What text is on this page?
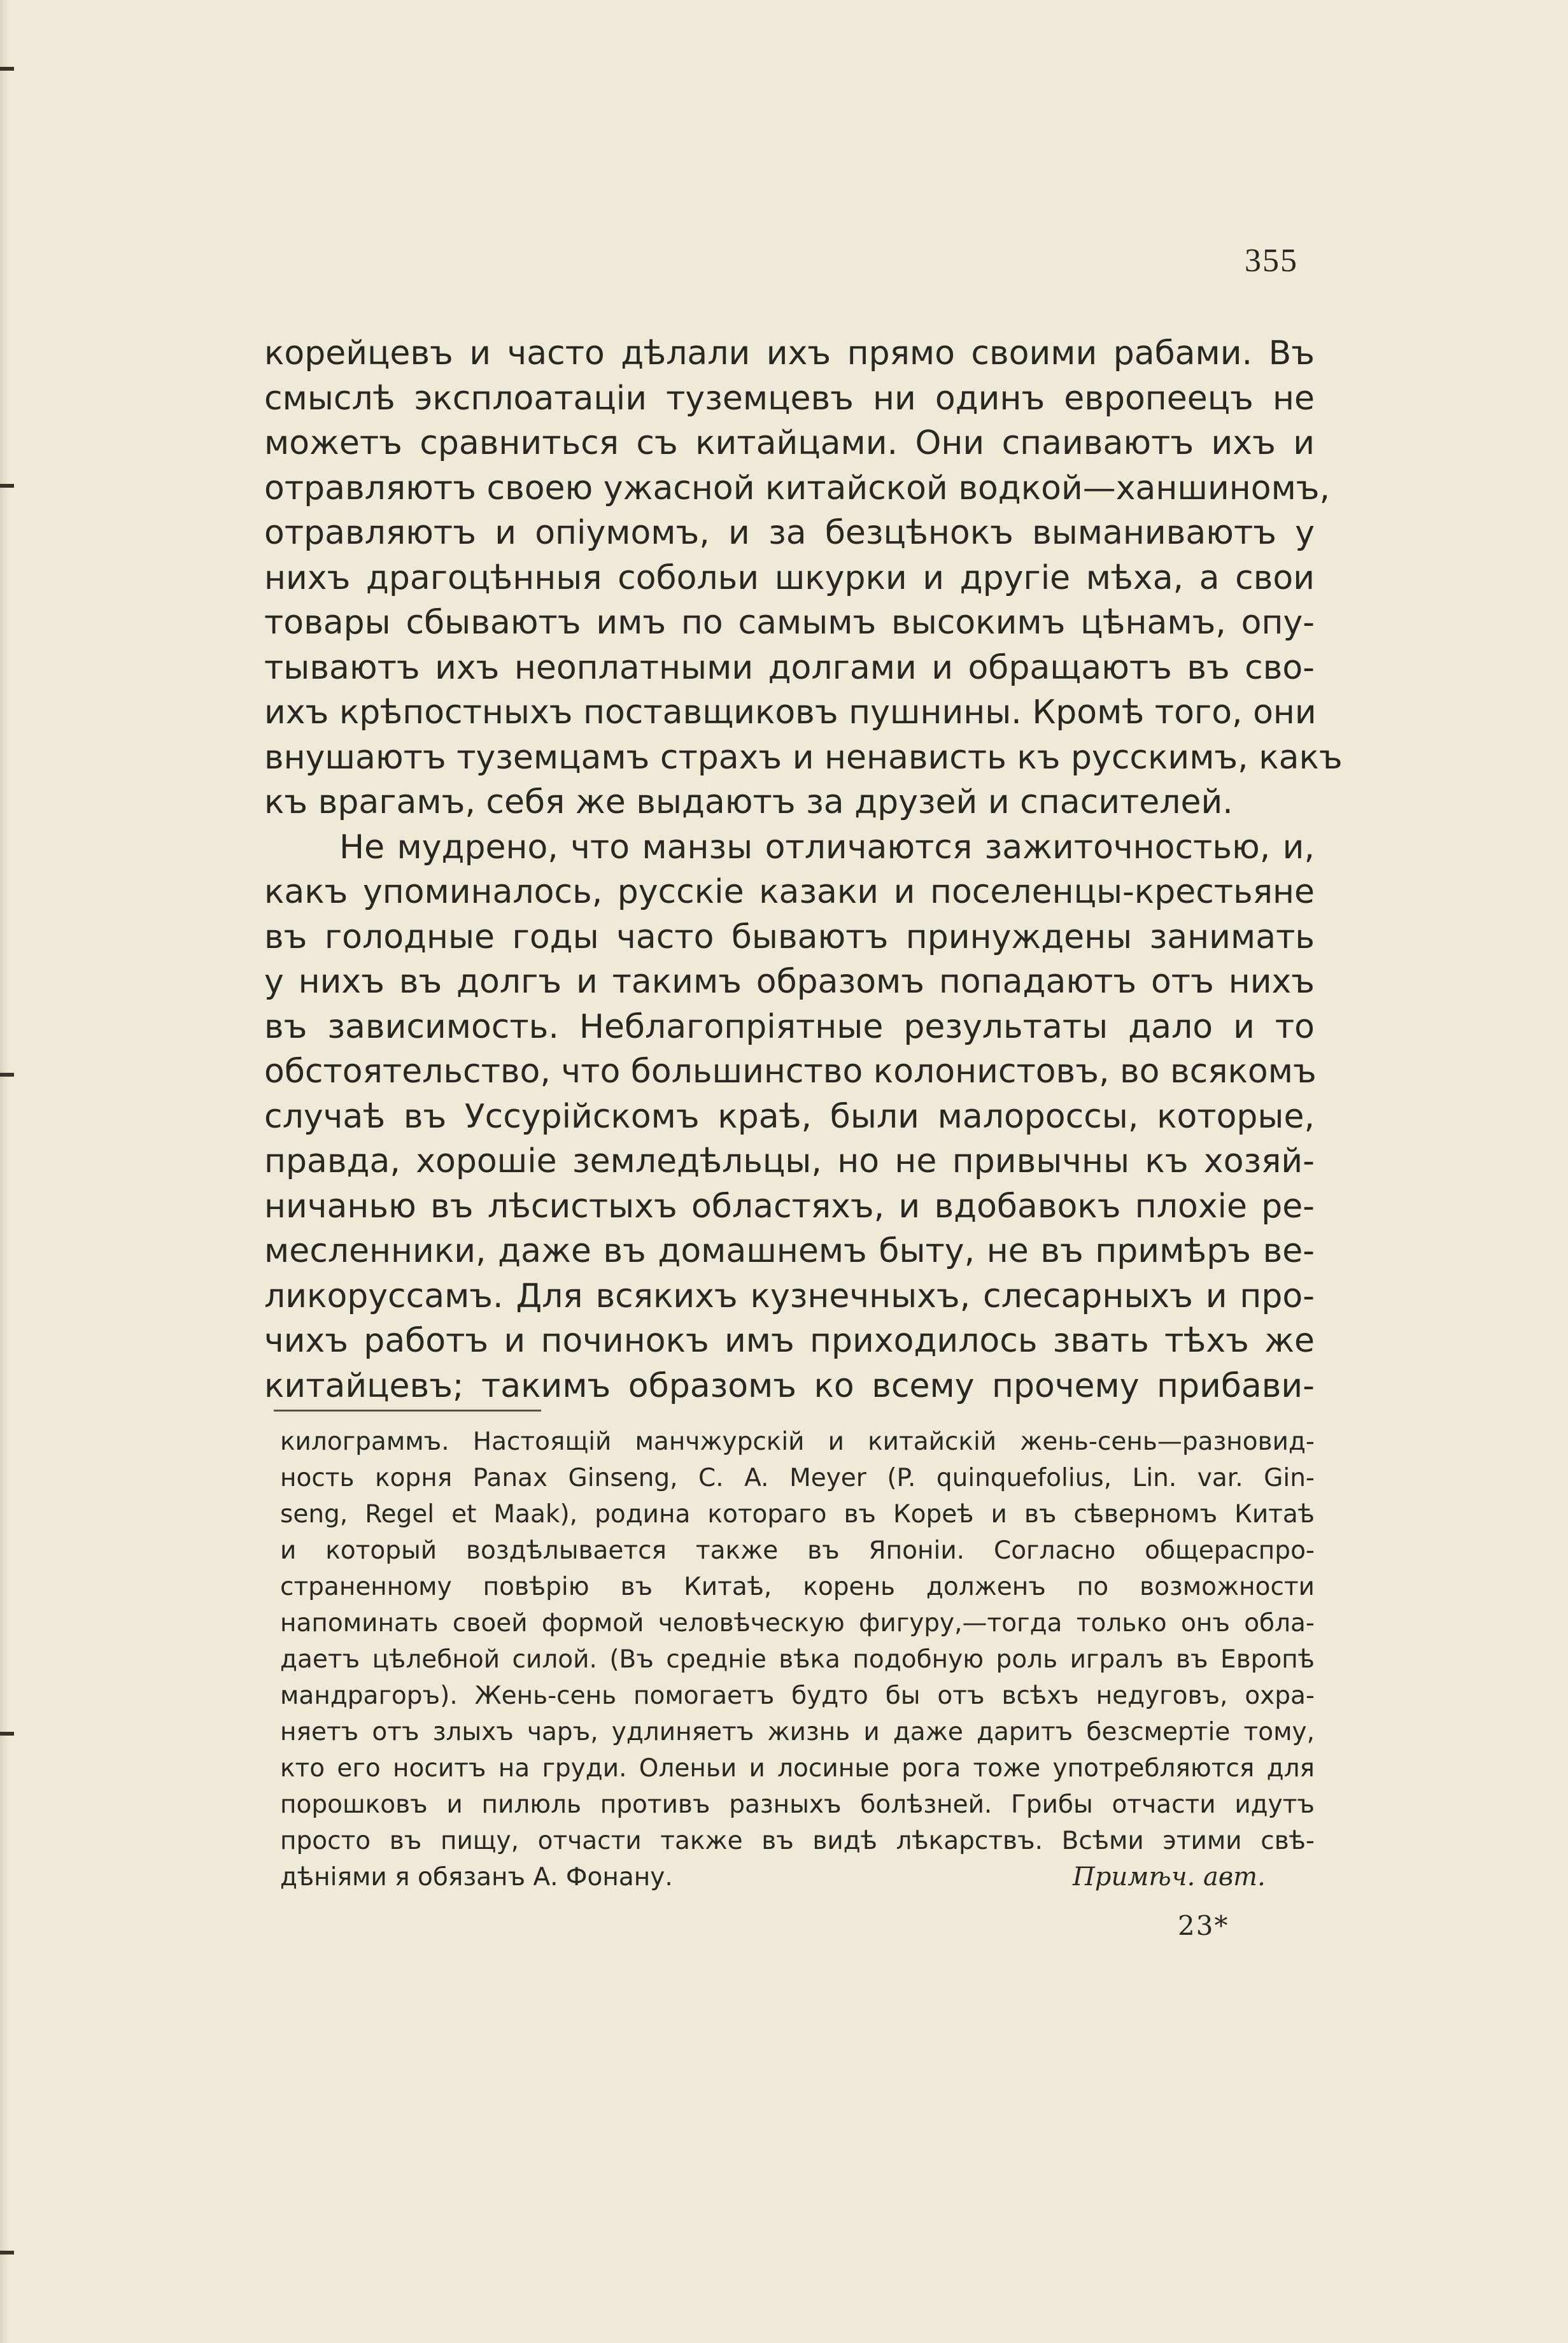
355
корейцевъ и часто дѣлали ихъ прямо своими рабами. Въ
смыслѣ эксплоатацiи туземцевъ ни одинъ европеецъ не
можетъ сравниться съ китайцами. Они спаиваютъ ихъ и
отравляютъ своею ужасной китайской водкой—ханшиномъ,
отравляютъ и опiумомъ, и за безцѣнокъ выманиваютъ у
нихъ драгоцѣнныя собольи шкурки и другiе мѣха, а свои
товары сбываютъ имъ по самымъ высокимъ цѣнамъ, опу-
тываютъ ихъ неоплатными долгами и обращаютъ въ сво-
ихъ крѣпостныхъ поставщиковъ пушнины. Кромѣ того, они
внушаютъ туземцамъ страхъ и ненависть къ русскимъ, какъ
къ врагамъ, себя же выдаютъ за друзей и спасителей.
Не мудрено, что манзы отличаются зажиточностью, и,
какъ упоминалось, русскiе казаки и поселенцы-крестьяне
въ голодные годы часто бываютъ принуждены занимать
у нихъ въ долгъ и такимъ образомъ попадаютъ отъ нихъ
въ зависимость. Неблагопрiятные результаты дало и то
обстоятельство, что большинство колонистовъ, во всякомъ
случаѣ въ Уссурiйскомъ краѣ, были малороссы, которые,
правда, хорошiе земледѣльцы, но не привычны къ хозяй-
ничанью въ лѣсистыхъ областяхъ, и вдобавокъ плохiе ре-
месленники, даже въ домашнемъ быту, не въ примѣръ ве-
ликоруссамъ. Для всякихъ кузнечныхъ, слесарныхъ и про-
чихъ работъ и починокъ имъ приходилось звать тѣхъ же
китайцевъ; такимъ образомъ ко всему прочему прибави-
килограммъ. Настоящiй манчжурскiй и китайскiй жень-сень—разновид-
ность корня Panax Ginseng, C. A. Meyer (P. quinquefolius, Lin. var. Gin-
seng, Regel et Maak), родина котораго въ Кореѣ и въ сѣверномъ Китаѣ
и который воздѣлывается также въ Японiи. Согласно общераспро-
страненному повѣрiю въ Китаѣ, корень долженъ по возможности
напоминать своей формой человѣческую фигуру,—тогда только онъ обла-
даетъ цѣлебной силой. (Въ среднiе вѣка подобную роль игралъ въ Европѣ
мандрагоръ). Жень-сень помогаетъ будто бы отъ всѣхъ недуговъ, охра-
няетъ отъ злыхъ чаръ, удлиняетъ жизнь и даже даритъ безсмертiе тому,
кто его носитъ на груди. Оленьи и лосиные рога тоже употребляются для
порошковъ и пилюль противъ разныхъ болѣзней. Грибы отчасти идутъ
просто въ пищу, отчасти также въ видѣ лѣкарствъ. Всѣми этими свѣ-
дѣнiями я обязанъ А. Фонану.	Примѣч. авт.
23*
